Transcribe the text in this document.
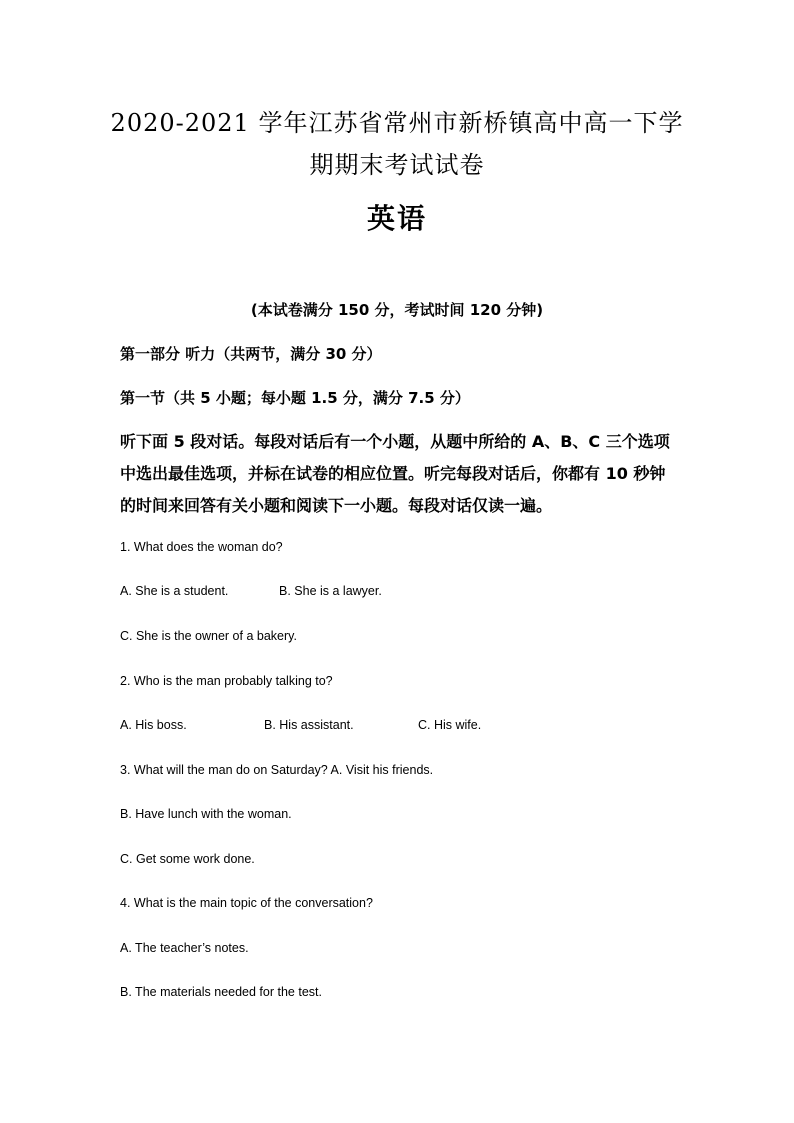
2020-2021 学年江苏省常州市新桥镇高中高一下学
期期末考试试卷
英语
(本试卷满分 150 分，考试时间 120 分钟)
第一部分 听力（共两节，满分 30 分）
第一节（共 5 小题；每小题 1.5 分，满分 7.5 分）
听下面 5 段对话。每段对话后有一个小题，从题中所给的 A、B、C 三个选项
中选出最佳选项，并标在试卷的相应位置。听完每段对话后，你都有 10 秒钟
的时间来回答有关小题和阅读下一小题。每段对话仅读一遍。
1. What does the woman do?
A. She is a student.	B. She is a lawyer.
C. She is the owner of a bakery.
2. Who is the man probably talking to?
A. His boss.	B. His assistant.	C. His wife.
3. What will the man do on Saturday? A. Visit his friends.
B. Have lunch with the woman.
C. Get some work done.
4. What is the main topic of the conversation?
A. The teacher’s notes.
B. The materials needed for the test.
